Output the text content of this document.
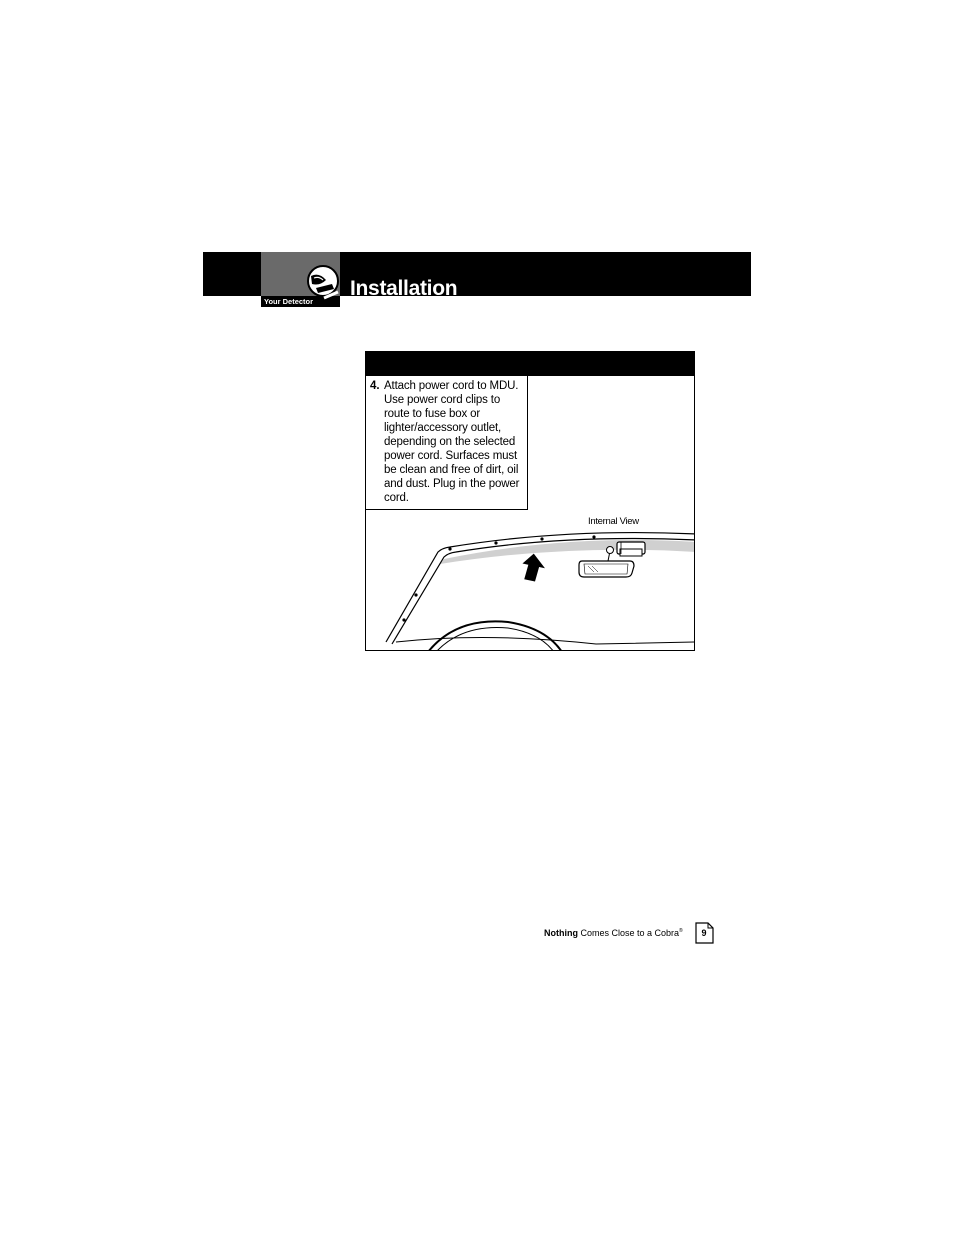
Your Detector
Installation
4. Attach power cord to MDU. Use power cord clips to route to fuse box or lighter/accessory outlet, depending on the selected power cord. Surfaces must be clean and free of dirt, oil and dust. Plug in the power cord.
Internal View
Nothing Comes Close to a Cobra®	9
